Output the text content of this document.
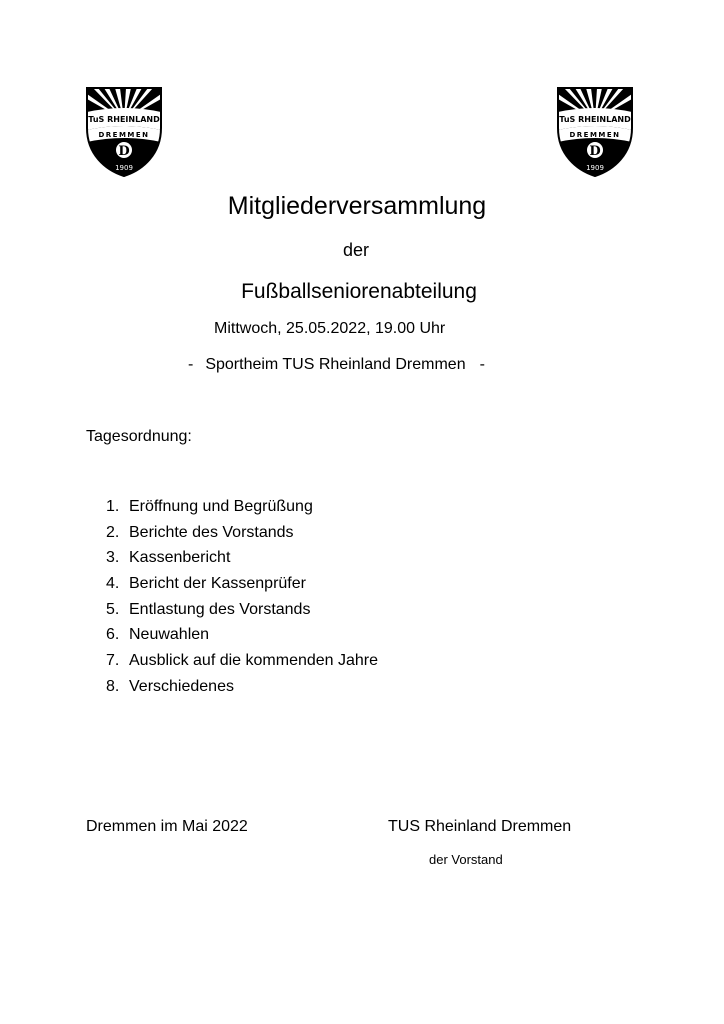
TuS RHEINLAND
DREMMEN
D
1909
TuS RHEINLAND
DREMMEN
D
1909
Mitgliederversammlung
der
Fußballseniorenabteilung
Mittwoch, 25.05.2022, 19.00 Uhr
- Sportheim TUS Rheinland Dremmen -
Tagesordnung:
1. Eröffnung und Begrüßung
2. Berichte des Vorstands
3. Kassenbericht
4. Bericht der Kassenprüfer
5. Entlastung des Vorstands
6. Neuwahlen
7. Ausblick auf die kommenden Jahre
8. Verschiedenes
Dremmen im Mai 2022	TUS Rheinland Dremmen
der Vorstand
